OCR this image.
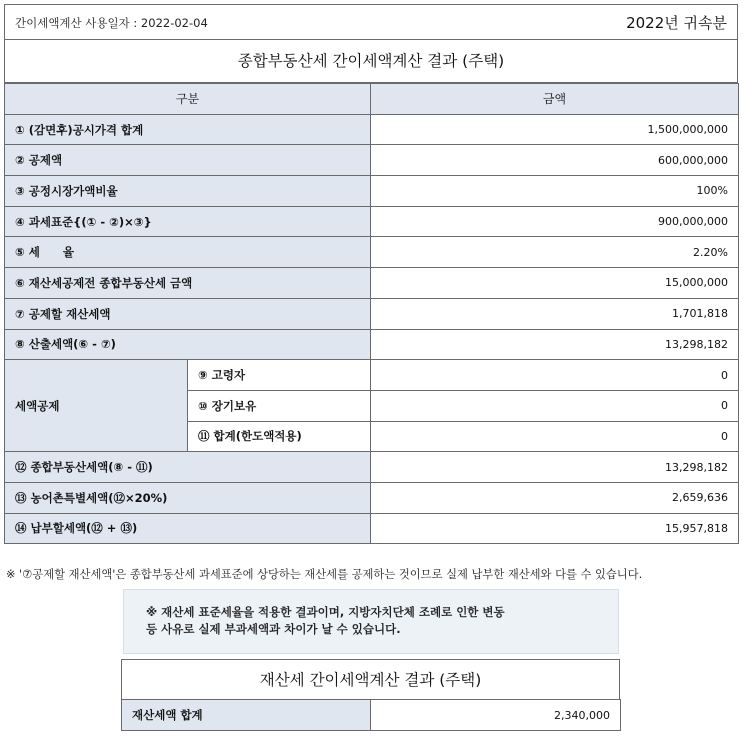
간이세액계산 사용일자 : 2022-02-04	2022년 귀속분
종합부동산세 간이세액계산 결과 (주택)
구분		금액
① (감면후)공시가격 합계		1,500,000,000
② 공제액		600,000,000
③ 공정시장가액비율		100%
④ 과세표준{(① - ②)×③}		900,000,000
⑤ 세　　율		2.20%
⑥ 재산세공제전 종합부동산세 금액		15,000,000
⑦ 공제할 재산세액		1,701,818
⑧ 산출세액(⑥ - ⑦)		13,298,182
세액공제	⑨ 고령자	0
	⑩ 장기보유	0
	⑪ 합계(한도액적용)	0
⑫ 종합부동산세액(⑧ - ⑪)		13,298,182
⑬ 농어촌특별세액(⑫×20%)		2,659,636
⑭ 납부할세액(⑫ + ⑬)		15,957,818
※ '⑦공제할 재산세액'은 종합부동산세 과세표준에 상당하는 재산세를 공제하는 것이므로 실제 납부한 재산세와 다를 수 있습니다.
※ 재산세 표준세율을 적용한 결과이며, 지방자치단체 조례로 인한 변동
등 사유로 실제 부과세액과 차이가 날 수 있습니다.
재산세 간이세액계산 결과 (주택)
재산세액 합계	2,340,000
